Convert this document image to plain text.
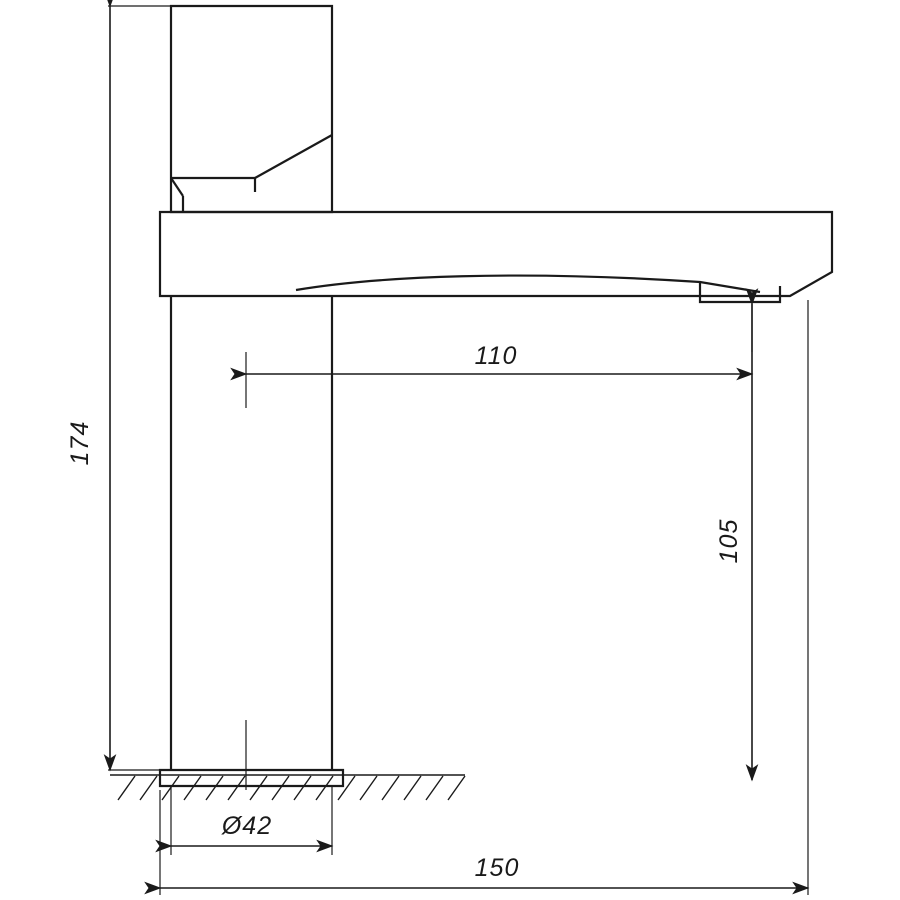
174
110
105
Ø42
150
